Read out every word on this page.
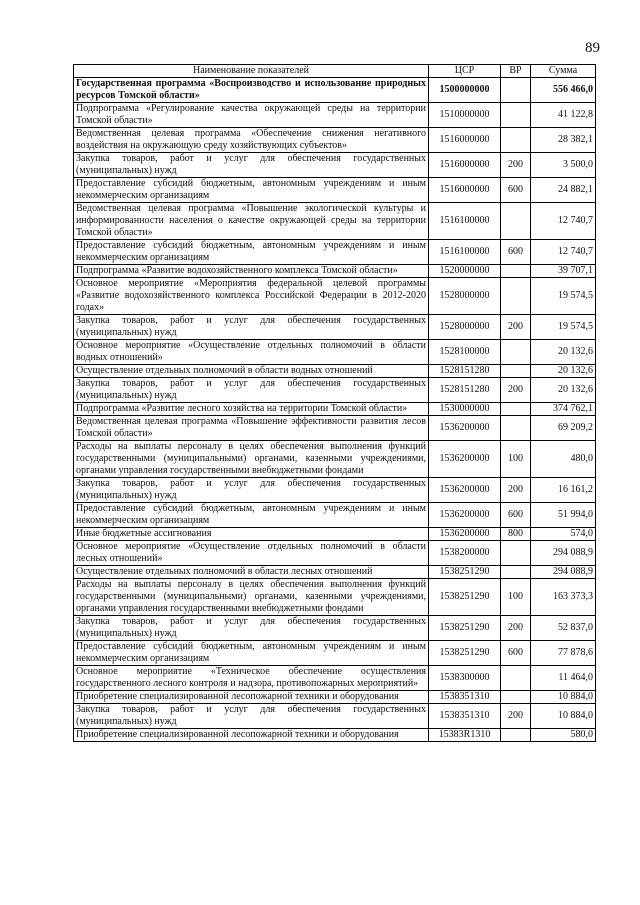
89
Наименование показателей	ЦСР	ВР	Сумма
Государственная программа «Воспроизводство и использование природных ресурсов Томской области»	1500000000		556 466,0
Подпрограмма «Регулирование качества окружающей среды на территории Томской области»	1510000000		41 122,8
Ведомственная целевая программа «Обеспечение снижения негативного воздействия на окружающую среду хозяйствующих субъектов»	1516000000		28 382,1
Закупка товаров, работ и услуг для обеспечения государственных (муниципальных) нужд	1516000000	200	3 500,0
Предоставление субсидий бюджетным, автономным учреждениям и иным некоммерческим организациям	1516000000	600	24 882,1
Ведомственная целевая программа «Повышение экологической культуры и информированности населения о качестве окружающей среды на территории Томской области»	1516100000		12 740,7
Предоставление субсидий бюджетным, автономным учреждениям и иным некоммерческим организациям	1516100000	600	12 740,7
Подпрограмма «Развитие водохозяйственного комплекса Томской области»	1520000000		39 707,1
Основное мероприятие «Мероприятия федеральной целевой программы «Развитие водохозяйственного комплекса Российской Федерации в 2012-2020 годах»	1528000000		19 574,5
Закупка товаров, работ и услуг для обеспечения государственных (муниципальных) нужд	1528000000	200	19 574,5
Основное мероприятие «Осуществление отдельных полномочий в области водных отношений»	1528100000		20 132,6
Осуществление отдельных полномочий в области водных отношений	1528151280		20 132,6
Закупка товаров, работ и услуг для обеспечения государственных (муниципальных) нужд	1528151280	200	20 132,6
Подпрограмма «Развитие лесного хозяйства на территории Томской области»	1530000000		374 762,1
Ведомственная целевая программа «Повышение эффективности развития лесов Томской области»	1536200000		69 209,2
Расходы на выплаты персоналу в целях обеспечения выполнения функций государственными (муниципальными) органами, казенными учреждениями, органами управления государственными внебюджетными фондами	1536200000	100	480,0
Закупка товаров, работ и услуг для обеспечения государственных (муниципальных) нужд	1536200000	200	16 161,2
Предоставление субсидий бюджетным, автономным учреждениям и иным некоммерческим организациям	1536200000	600	51 994,0
Иные бюджетные ассигнования	1536200000	800	574,0
Основное мероприятие «Осуществление отдельных полномочий в области лесных отношений»	1538200000		294 088,9
Осуществление отдельных полномочий в области лесных отношений	1538251290		294 088,9
Расходы на выплаты персоналу в целях обеспечения выполнения функций государственными (муниципальными) органами, казенными учреждениями, органами управления государственными внебюджетными фондами	1538251290	100	163 373,3
Закупка товаров, работ и услуг для обеспечения государственных (муниципальных) нужд	1538251290	200	52 837,0
Предоставление субсидий бюджетным, автономным учреждениям и иным некоммерческим организациям	1538251290	600	77 878,6
Основное мероприятие «Техническое обеспечение осуществления государственного лесного контроля и надзора, противопожарных мероприятий»	1538300000		11 464,0
Приобретение специализированной лесопожарной техники и оборудования	1538351310		10 884,0
Закупка товаров, работ и услуг для обеспечения государственных (муниципальных) нужд	1538351310	200	10 884,0
Приобретение специализированной лесопожарной техники и оборудования	15383R1310		580,0
